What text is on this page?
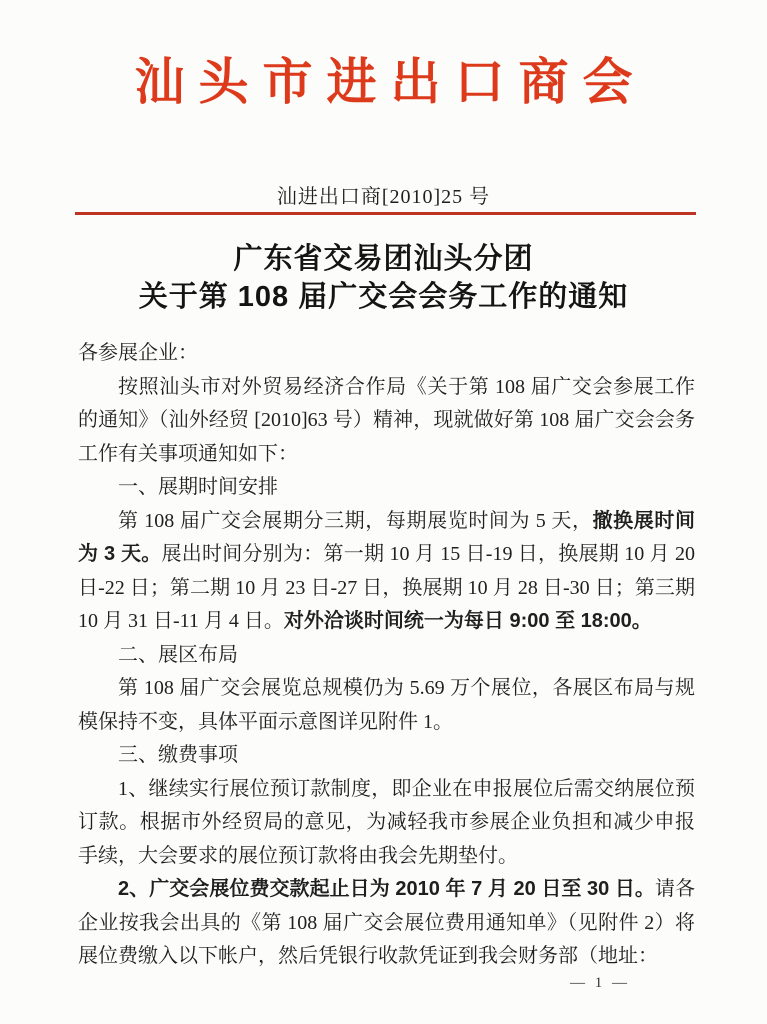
汕头市进出口商会
汕进出口商[2010]25 号
广东省交易团汕头分团
关于第 108 届广交会会务工作的通知

各参展企业：

按照汕头市对外贸易经济合作局《关于第 108 届广交会参展工作的通知》（汕外经贸 [2010]63 号）精神，现就做好第 108 届广交会会务工作有关事项通知如下：

一、展期时间安排

第 108 届广交会展期分三期，每期展览时间为 5 天，撤换展时间为 3 天。展出时间分别为：第一期 10 月 15 日-19 日，换展期 10 月 20 日-22 日；第二期 10 月 23 日-27 日，换展期 10 月 28 日-30 日；第三期 10 月 31 日-11 月 4 日。对外洽谈时间统一为每日 9:00 至 18:00。

二、展区布局

第 108 届广交会展览总规模仍为 5.69 万个展位，各展区布局与规模保持不变，具体平面示意图详见附件 1。

三、缴费事项

1、继续实行展位预订款制度，即企业在申报展位后需交纳展位预订款。根据市外经贸局的意见，为减轻我市参展企业负担和减少申报手续，大会要求的展位预订款将由我会先期垫付。

2、广交会展位费交款起止日为 2010 年 7 月 20 日至 30 日。请各企业按我会出具的《第 108 届广交会展位费用通知单》（见附件 2）将展位费缴入以下帐户，然后凭银行收款凭证到我会财务部（地址：

— 1 —
